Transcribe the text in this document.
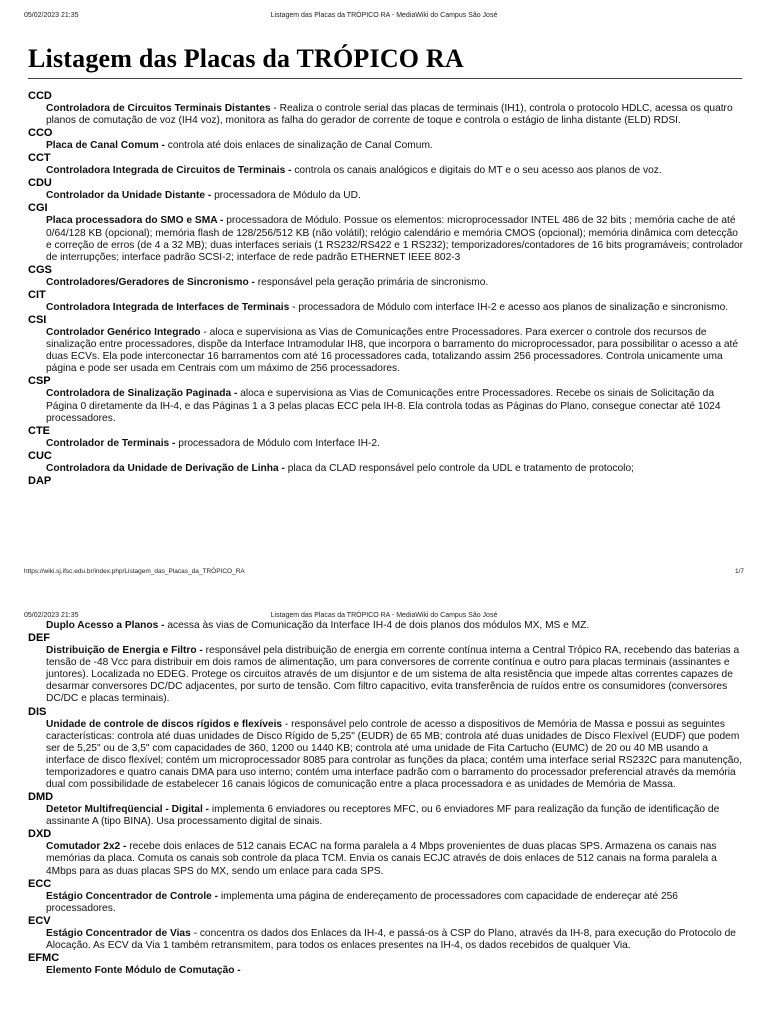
05/02/2023 21:35	Listagem das Placas da TRÓPICO RA - MediaWiki do Campus São José
Listagem das Placas da TRÓPICO RA
CCD
Controladora de Circuitos Terminais Distantes - Realiza o controle serial das placas de terminais (IH1), controla o protocolo HDLC, acessa os quatro planos de comutação de voz (IH4 voz), monitora as falha do gerador de corrente de toque e controla o estágio de linha distante (ELD) RDSI.
CCO
Placa de Canal Comum - controla até dois enlaces de sinalização de Canal Comum.
CCT
Controladora Integrada de Circuitos de Terminais - controla os canais analógicos e digitais do MT e o seu acesso aos planos de voz.
CDU
Controlador da Unidade Distante - processadora de Módulo da UD.
CGI
Placa processadora do SMO e SMA - processadora de Módulo. Possue os elementos: microprocessador INTEL 486 de 32 bits ; memória cache de até 0/64/128 KB (opcional); memória flash de 128/256/512 KB (não volátil); relógio calendário e memória CMOS (opcional); memória dinâmica com detecção e correção de erros (de 4 a 32 MB); duas interfaces seriais (1 RS232/RS422 e 1 RS232); temporizadores/contadores de 16 bits programáveis; controlador de interrupções; interface padrão SCSI-2; interface de rede padrão ETHERNET IEEE 802-3
CGS
Controladores/Geradores de Sincronismo - responsável pela geração primária de sincronismo.
CIT
Controladora Integrada de Interfaces de Terminais - processadora de Módulo com interface IH-2 e acesso aos planos de sinalização e sincronismo.
CSI
Controlador Genérico Integrado - aloca e supervisiona as Vias de Comunicações entre Processadores. Para exercer o controle dos recursos de sinalização entre processadores, dispõe da Interface Intramodular IH8, que incorpora o barramento do microprocessador, para possibilitar o acesso a até duas ECVs. Ela pode interconectar 16 barramentos com até 16 processadores cada, totalizando assim 256 processadores. Controla unicamente uma página e pode ser usada em Centrais com um máximo de 256 processadores.
CSP
Controladora de Sinalização Paginada - aloca e supervisiona as Vias de Comunicações entre Processadores. Recebe os sinais de Solicitação da Página 0 diretamente da IH-4, e das Páginas 1 a 3 pelas placas ECC pela IH-8. Ela controla todas as Páginas do Plano, consegue conectar até 1024 processadores.
CTE
Controlador de Terminais - processadora de Módulo com Interface IH-2.
CUC
Controladora da Unidade de Derivação de Linha - placa da CLAD responsável pelo controle da UDL e tratamento de protocolo;
DAP
https://wiki.sj.ifsc.edu.br/index.php/Listagem_das_Placas_da_TRÓPICO_RA	1/7
05/02/2023 21:35	Listagem das Placas da TRÓPICO RA - MediaWiki do Campus São José
Duplo Acesso a Planos - acessa às vias de Comunicação da Interface IH-4 de dois planos dos módulos MX, MS e MZ.
DEF
Distribuição de Energia e Filtro - responsável pela distribuição de energia em corrente contínua interna a Central Trópico RA, recebendo das baterias a tensão de -48 Vcc para distribuir em dois ramos de alimentação, um para conversores de corrente contínua e outro para placas terminais (assinantes e juntores). Localizada no EDEG. Protege os circuitos através de um disjuntor e de um sistema de alta resistência que impede altas correntes capazes de desarmar conversores DC/DC adjacentes, por surto de tensão. Com filtro capacitivo, evita transferência de ruídos entre os consumidores (conversores DC/DC e placas terminais).
DIS
Unidade de controle de discos rígidos e flexíveis - responsável pelo controle de acesso a dispositivos de Memória de Massa e possui as seguintes características: controla até duas unidades de Disco Rígido de 5,25" (EUDR) de 65 MB; controla até duas unidades de Disco Flexível (EUDF) que podem ser de 5,25" ou de 3,5" com capacidades de 360, 1200 ou 1440 KB; controla até uma unidade de Fita Cartucho (EUMC) de 20 ou 40 MB usando a interface de disco flexível; contém um microprocessador 8085 para controlar as funções da placa; contém uma interface serial RS232C para manutenção, temporizadores e quatro canais DMA para uso interno; contém uma interface padrão com o barramento do processador preferencial através da memória dual com possibilidade de estabelecer 16 canais lógicos de comunicação entre a placa processadora e as unidades de Memória de Massa.
DMD
Detetor Multifreqüencial - Digital - implementa 6 enviadores ou receptores MFC, ou 6 enviadores MF para realização da função de identificação de assinante A (tipo BINA). Usa processamento digital de sinais.
DXD
Comutador 2x2 - recebe dois enlaces de 512 canais ECAC na forma paralela a 4 Mbps provenientes de duas placas SPS. Armazena os canais nas memórias da placa. Comuta os canais sob controle da placa TCM. Envia os canais ECJC através de dois enlaces de 512 canais na forma paralela a 4Mbps para as duas placas SPS do MX, sendo um enlace para cada SPS.
ECC
Estágio Concentrador de Controle - implementa uma página de endereçamento de processadores com capacidade de endereçar até 256 processadores.
ECV
Estágio Concentrador de Vias - concentra os dados dos Enlaces da IH-4, e passá-os à CSP do Plano, através da IH-8, para execução do Protocolo de Alocação. As ECV da Via 1 também retransmitem, para todos os enlaces presentes na IH-4, os dados recebidos de qualquer Via.
EFMC
Elemento Fonte Módulo de Comutação -
